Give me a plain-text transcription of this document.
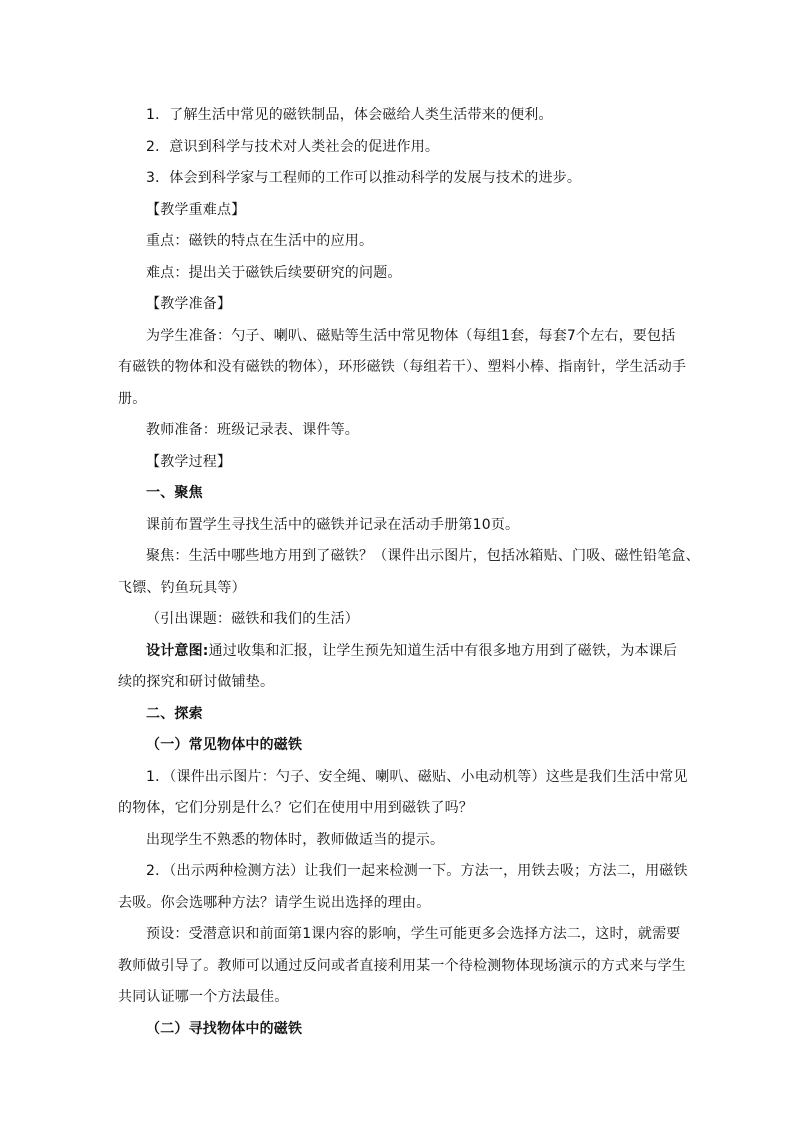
1．了解生活中常见的磁铁制品，体会磁给人类生活带来的便利。
2．意识到科学与技术对人类社会的促进作用。
3．体会到科学家与工程师的工作可以推动科学的发展与技术的进步。
【教学重难点】
重点：磁铁的特点在生活中的应用。
难点：提出关于磁铁后续要研究的问题。
【教学准备】
为学生准备：勺子、喇叭、磁贴等生活中常见物体（每组1套，每套7个左右，要包括
有磁铁的物体和没有磁铁的物体），环形磁铁（每组若干）、塑料小棒、指南针，学生活动手
册。
教师准备：班级记录表、课件等。
【教学过程】
一、聚焦
课前布置学生寻找生活中的磁铁并记录在活动手册第10页。
聚焦：生活中哪些地方用到了磁铁？（课件出示图片，包括冰箱贴、门吸、磁性铅笔盒、
飞镖、钓鱼玩具等）
（引出课题：磁铁和我们的生活）
设计意图:通过收集和汇报，让学生预先知道生活中有很多地方用到了磁铁，为本课后
续的探究和研讨做铺垫。
二、探索
（一）常见物体中的磁铁
1．（课件出示图片：勺子、安全绳、喇叭、磁贴、小电动机等）这些是我们生活中常见
的物体，它们分别是什么？它们在使用中用到磁铁了吗？
出现学生不熟悉的物体时，教师做适当的提示。
2．（出示两种检测方法）让我们一起来检测一下。方法一，用铁去吸；方法二，用磁铁
去吸。你会选哪种方法？请学生说出选择的理由。
预设：受潜意识和前面第1课内容的影响，学生可能更多会选择方法二，这时，就需要
教师做引导了。教师可以通过反问或者直接利用某一个待检测物体现场演示的方式来与学生
共同认证哪一个方法最佳。
（二）寻找物体中的磁铁
